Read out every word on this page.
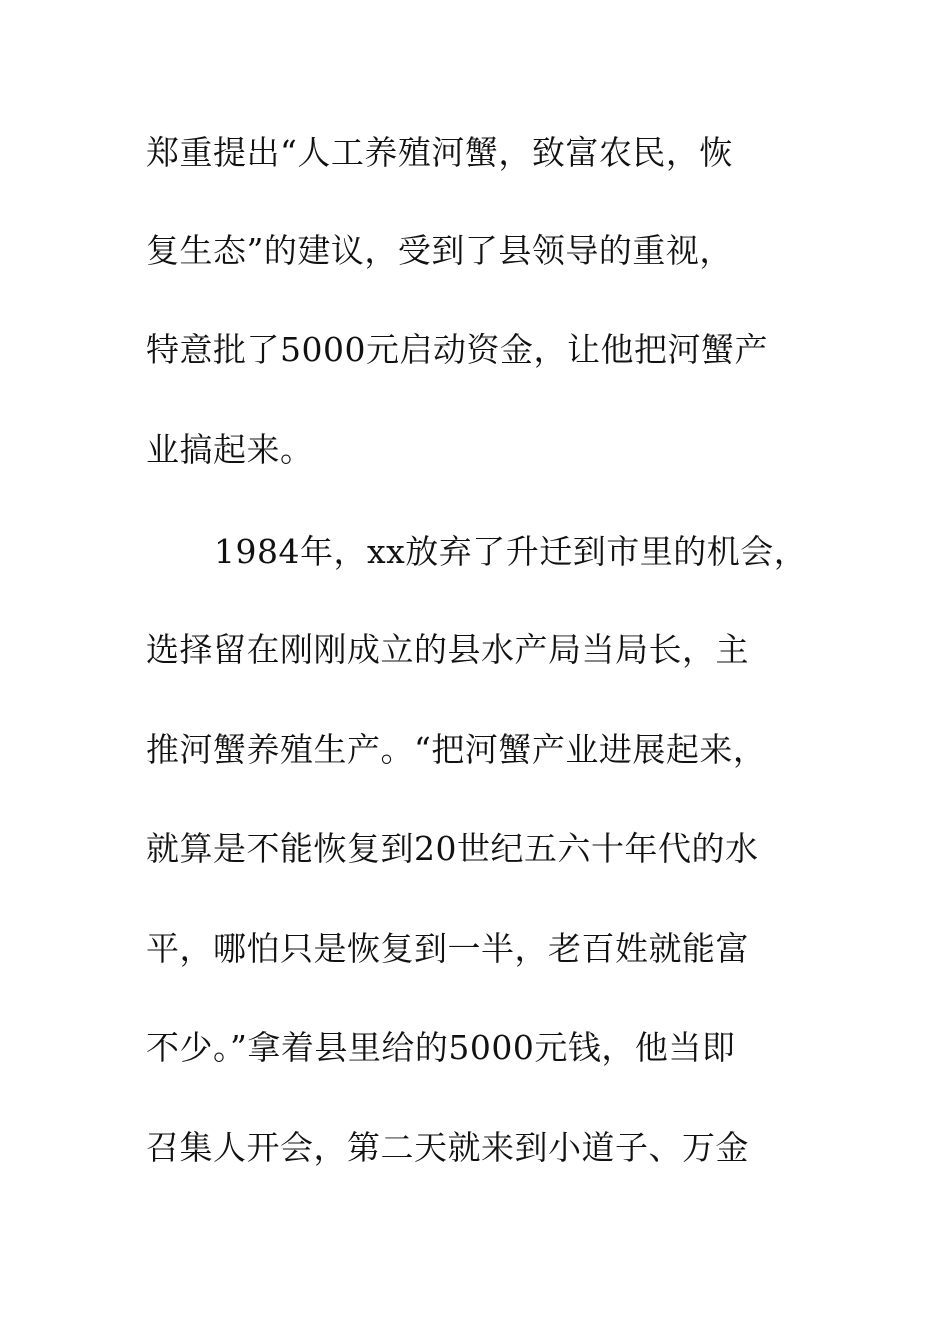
郑重提出“人工养殖河蟹，致富农民，恢
复生态”的建议，受到了县领导的重视，
特意批了5000元启动资金，让他把河蟹产
业搞起来。
1984年，xx放弃了升迁到市里的机会，
选择留在刚刚成立的县水产局当局长，主
推河蟹养殖生产。“把河蟹产业进展起来，
就算是不能恢复到20世纪五六十年代的水
平，哪怕只是恢复到一半，老百姓就能富
不少。”拿着县里给的5000元钱，他当即
召集人开会，第二天就来到小道子、万金
